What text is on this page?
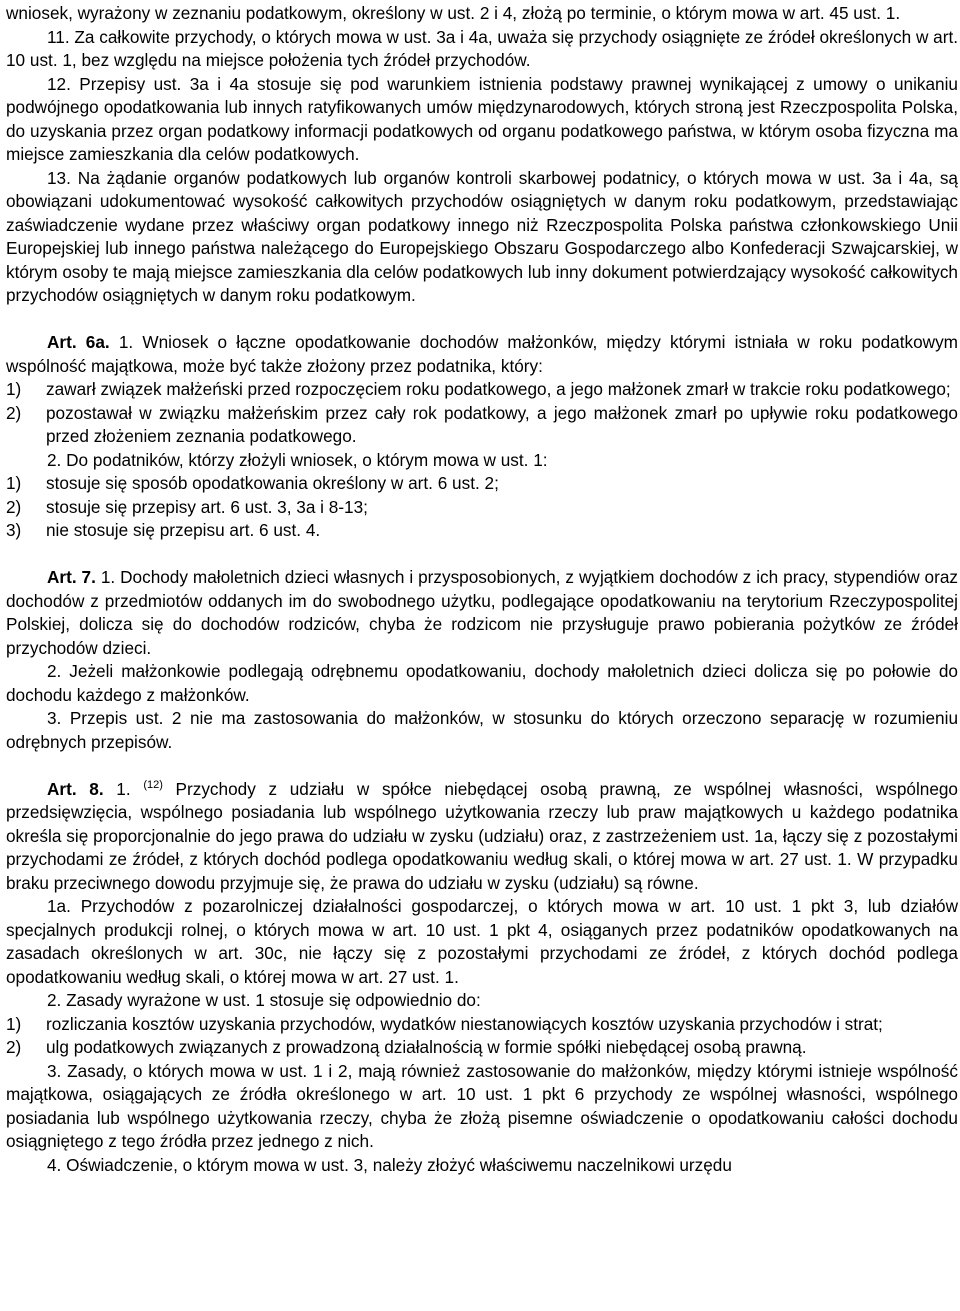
wniosek, wyrażony w zeznaniu podatkowym, określony w ust. 2 i 4, złożą po terminie, o którym mowa w art. 45 ust. 1.

11. Za całkowite przychody, o których mowa w ust. 3a i 4a, uważa się przychody osiągnięte ze źródeł określonych w art. 10 ust. 1, bez względu na miejsce położenia tych źródeł przychodów.

12. Przepisy ust. 3a i 4a stosuje się pod warunkiem istnienia podstawy prawnej wynikającej z umowy o unikaniu podwójnego opodatkowania lub innych ratyfikowanych umów międzynarodowych, których stroną jest Rzeczpospolita Polska, do uzyskania przez organ podatkowy informacji podatkowych od organu podatkowego państwa, w którym osoba fizyczna ma miejsce zamieszkania dla celów podatkowych.

13. Na żądanie organów podatkowych lub organów kontroli skarbowej podatnicy, o których mowa w ust. 3a i 4a, są obowiązani udokumentować wysokość całkowitych przychodów osiągniętych w danym roku podatkowym, przedstawiając zaświadczenie wydane przez właściwy organ podatkowy innego niż Rzeczpospolita Polska państwa członkowskiego Unii Europejskiej lub innego państwa należącego do Europejskiego Obszaru Gospodarczego albo Konfederacji Szwajcarskiej, w którym osoby te mają miejsce zamieszkania dla celów podatkowych lub inny dokument potwierdzający wysokość całkowitych przychodów osiągniętych w danym roku podatkowym.

Art. 6a. 1. Wniosek o łączne opodatkowanie dochodów małżonków, między którymi istniała w roku podatkowym wspólność majątkowa, może być także złożony przez podatnika, który:

1)	zawarł związek małżeński przed rozpoczęciem roku podatkowego, a jego małżonek zmarł w trakcie roku podatkowego;
2)	pozostawał w związku małżeńskim przez cały rok podatkowy, a jego małżonek zmarł po upływie roku podatkowego przed złożeniem zeznania podatkowego.

2. Do podatników, którzy złożyli wniosek, o którym mowa w ust. 1:

1)	stosuje się sposób opodatkowania określony w art. 6 ust. 2;
2)	stosuje się przepisy art. 6 ust. 3, 3a i 8-13;
3)	nie stosuje się przepisu art. 6 ust. 4.

Art. 7. 1. Dochody małoletnich dzieci własnych i przysposobionych, z wyjątkiem dochodów z ich pracy, stypendiów oraz dochodów z przedmiotów oddanych im do swobodnego użytku, podlegające opodatkowaniu na terytorium Rzeczypospolitej Polskiej, dolicza się do dochodów rodziców, chyba że rodzicom nie przysługuje prawo pobierania pożytków ze źródeł przychodów dzieci.

2. Jeżeli małżonkowie podlegają odrębnemu opodatkowaniu, dochody małoletnich dzieci dolicza się po połowie do dochodu każdego z małżonków.

3. Przepis ust. 2 nie ma zastosowania do małżonków, w stosunku do których orzeczono separację w rozumieniu odrębnych przepisów.

Art. 8. 1. $^{(12)}$ Przychody z udziału w spółce niebędącej osobą prawną, ze wspólnej własności, wspólnego przedsięwzięcia, wspólnego posiadania lub wspólnego użytkowania rzeczy lub praw majątkowych u każdego podatnika określa się proporcjonalnie do jego prawa do udziału w zysku (udziału) oraz, z zastrzeżeniem ust. 1a, łączy się z pozostałymi przychodami ze źródeł, z których dochód podlega opodatkowaniu według skali, o której mowa w art. 27 ust. 1. W przypadku braku przeciwnego dowodu przyjmuje się, że prawa do udziału w zysku (udziału) są równe.

1a. Przychodów z pozarolniczej działalności gospodarczej, o których mowa w art. 10 ust. 1 pkt 3, lub działów specjalnych produkcji rolnej, o których mowa w art. 10 ust. 1 pkt 4, osiąganych przez podatników opodatkowanych na zasadach określonych w art. 30c, nie łączy się z pozostałymi przychodami ze źródeł, z których dochód podlega opodatkowaniu według skali, o której mowa w art. 27 ust. 1.

2. Zasady wyrażone w ust. 1 stosuje się odpowiednio do:

1)	rozliczania kosztów uzyskania przychodów, wydatków niestanowiących kosztów uzyskania przychodów i strat;
2)	ulg podatkowych związanych z prowadzoną działalnością w formie spółki niebędącej osobą prawną.

3. Zasady, o których mowa w ust. 1 i 2, mają również zastosowanie do małżonków, między którymi istnieje wspólność majątkowa, osiągających ze źródła określonego w art. 10 ust. 1 pkt 6 przychody ze wspólnej własności, wspólnego posiadania lub wspólnego użytkowania rzeczy, chyba że złożą pisemne oświadczenie o opodatkowaniu całości dochodu osiągniętego z tego źródła przez jednego z nich.

4. Oświadczenie, o którym mowa w ust. 3, należy złożyć właściwemu naczelnikowi urzędu
